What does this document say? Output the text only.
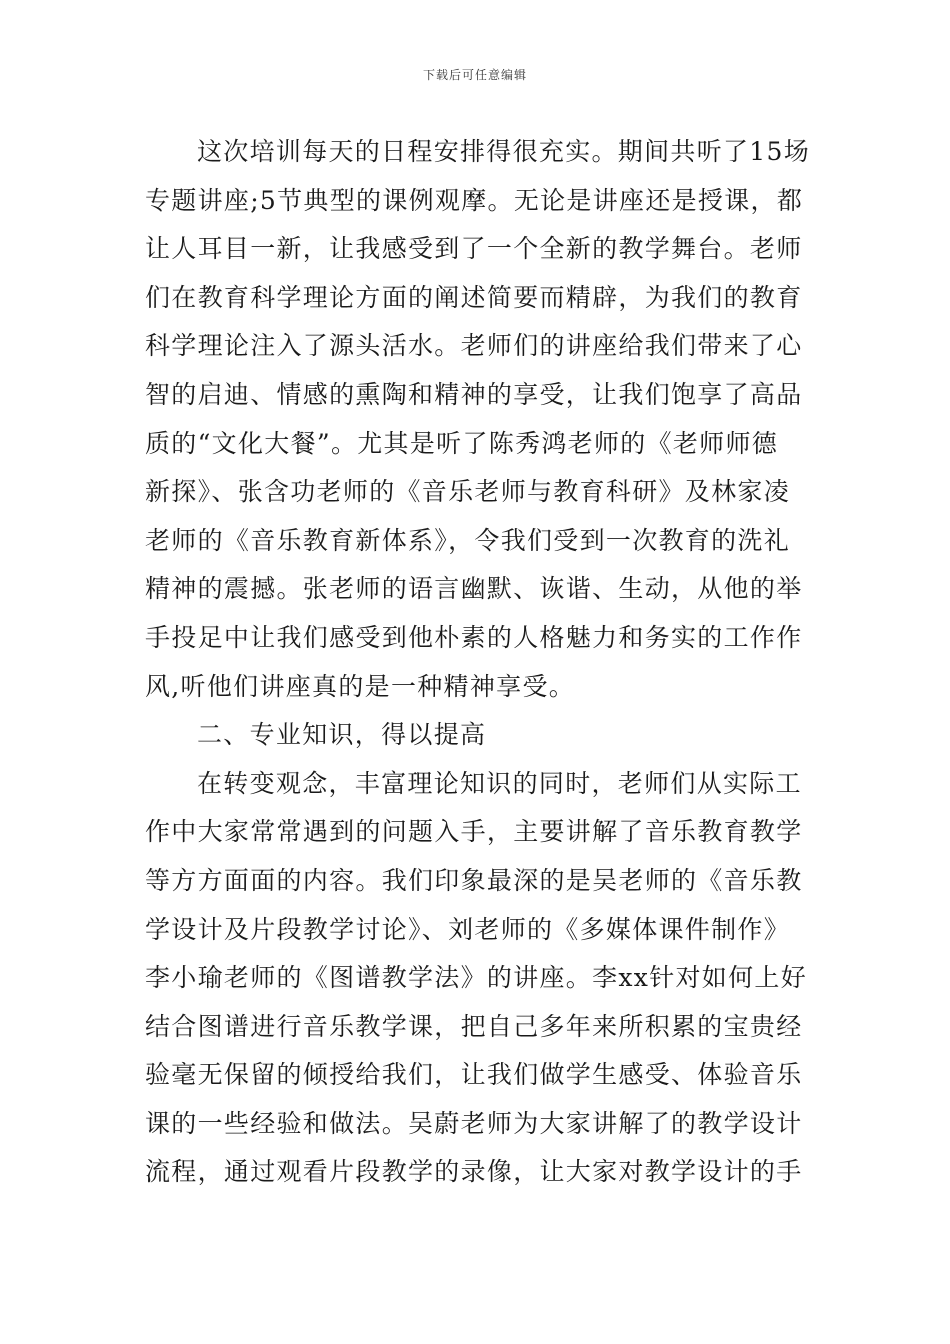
下载后可任意编辑
这次培训每天的日程安排得很充实。期间共听了15场
专题讲座;5节典型的课例观摩。无论是讲座还是授课，都
让人耳目一新，让我感受到了一个全新的教学舞台。老师
们在教育科学理论方面的阐述简要而精辟，为我们的教育
科学理论注入了源头活水。老师们的讲座给我们带来了心
智的启迪、情感的熏陶和精神的享受，让我们饱享了高品
质的“文化大餐”。尤其是听了陈秀鸿老师的《老师师德
新探》、张含功老师的《音乐老师与教育科研》及林家凌
老师的《音乐教育新体系》，令我们受到一次教育的洗礼
精神的震撼。张老师的语言幽默、诙谐、生动，从他的举
手投足中让我们感受到他朴素的人格魅力和务实的工作作
风,听他们讲座真的是一种精神享受。
二、专业知识，得以提高
在转变观念，丰富理论知识的同时，老师们从实际工
作中大家常常遇到的问题入手，主要讲解了音乐教育教学
等方方面面的内容。我们印象最深的是吴老师的《音乐教
学设计及片段教学讨论》、刘老师的《多媒体课件制作》
李小瑜老师的《图谱教学法》的讲座。李xx针对如何上好
结合图谱进行音乐教学课，把自己多年来所积累的宝贵经
验毫无保留的倾授给我们，让我们做学生感受、体验音乐
课的一些经验和做法。吴蔚老师为大家讲解了的教学设计
流程，通过观看片段教学的录像，让大家对教学设计的手
